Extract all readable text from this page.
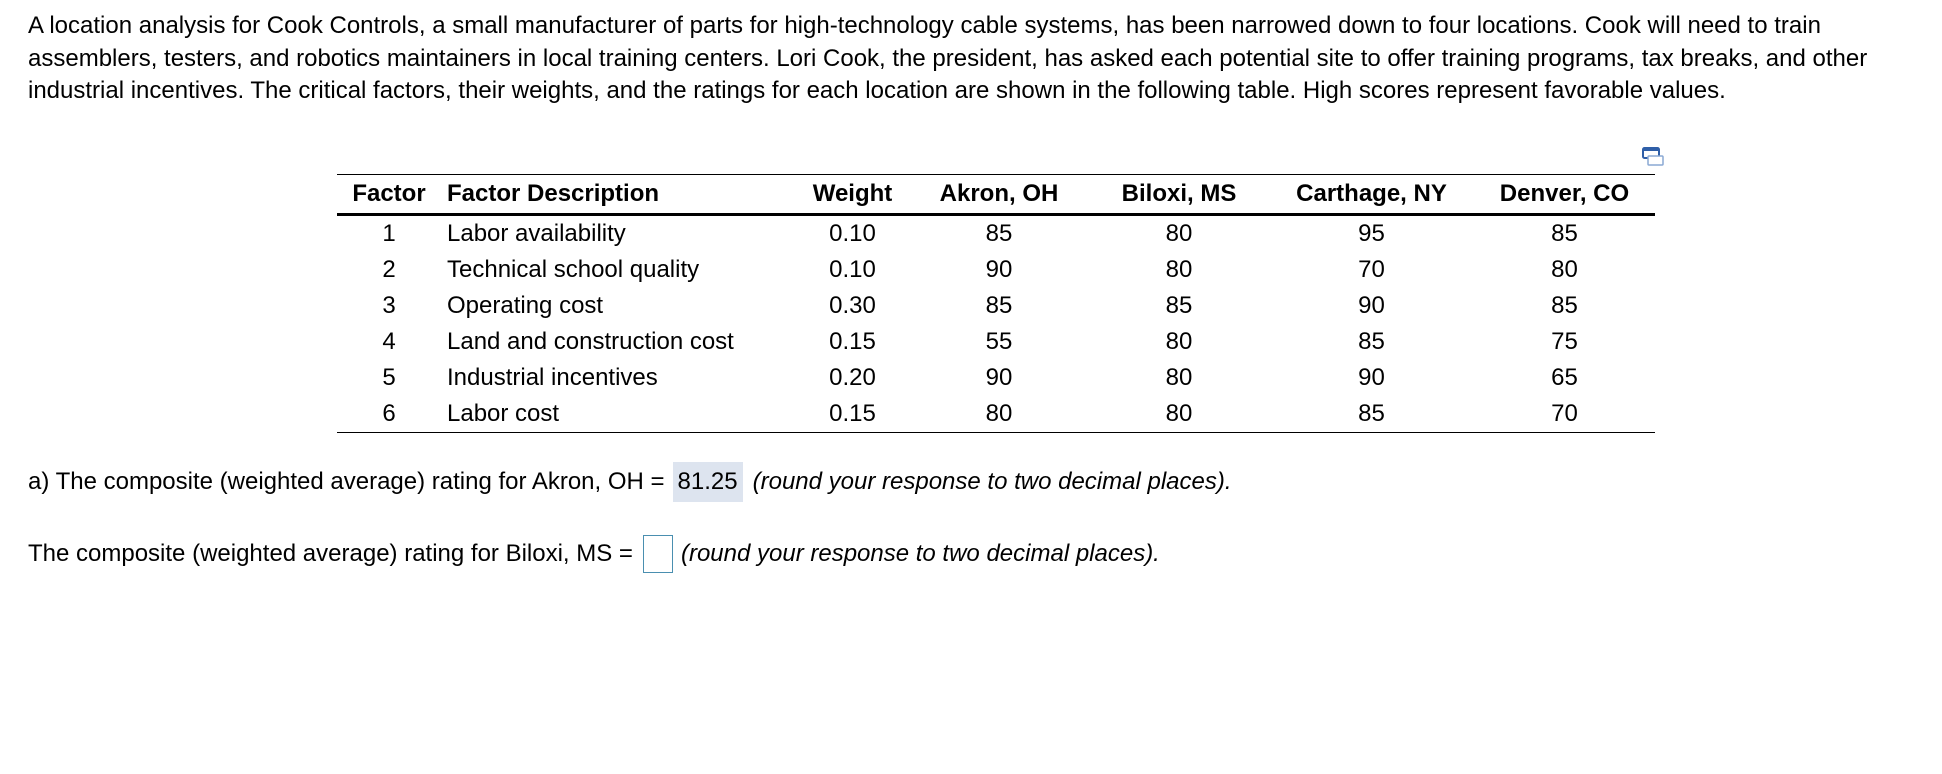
A location analysis for Cook Controls, a small manufacturer of parts for high-technology cable systems, has been narrowed down to four locations. Cook will need to train assemblers, testers, and robotics maintainers in local training centers. Lori Cook, the president, has asked each potential site to offer training programs, tax breaks, and other industrial incentives. The critical factors, their weights, and the ratings for each location are shown in the following table. High scores represent favorable values.

Factor	Factor Description	Weight	Akron, OH	Biloxi, MS	Carthage, NY	Denver, CO
1	Labor availability	0.10	85	80	95	85
2	Technical school quality	0.10	90	80	70	80
3	Operating cost	0.30	85	85	90	85
4	Land and construction cost	0.15	55	80	85	75
5	Industrial incentives	0.20	90	80	90	65
6	Labor cost	0.15	80	80	85	70
a) The composite (weighted average) rating for Akron, OH = 81.25 (round your response to two decimal places).
The composite (weighted average) rating for Biloxi, MS = (round your response to two decimal places).
